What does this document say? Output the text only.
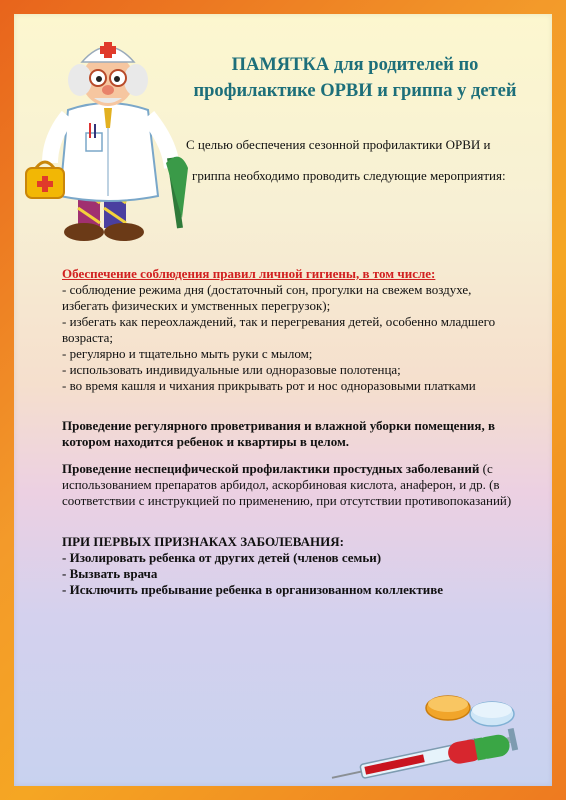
ПАМЯТКА для родителей по
профилактике ОРВИ и гриппа у детей
С целью обеспечения сезонной профилактики ОРВИ и
гриппа необходимо проводить следующие мероприятия:
Обеспечение соблюдения правил личной гигиены, в том числе:
- соблюдение режима дня (достаточный сон, прогулки на свежем воздухе,
избегать физических и умственных перегрузок);
- избегать как переохлаждений, так и перегревания детей, особенно младшего
возраста;
- регулярно и тщательно мыть руки с мылом;
- использовать индивидуальные или одноразовые полотенца;
- во время кашля и чихания прикрывать рот и нос одноразовыми платками
Проведение регулярного проветривания и влажной уборки помещения, в
котором находится ребенок и квартиры в целом.
Проведение неспецифической профилактики простудных заболеваний (с
использованием препаратов арбидол, аскорбиновая кислота, анаферон, и др. (в
соответствии с инструкцией по применению, при отсутствии противопоказаний)
ПРИ ПЕРВЫХ ПРИЗНАКАХ ЗАБОЛЕВАНИЯ:
- Изолировать ребенка от других детей (членов семьи)
- Вызвать врача
- Исключить пребывание ребенка в организованном коллективе
